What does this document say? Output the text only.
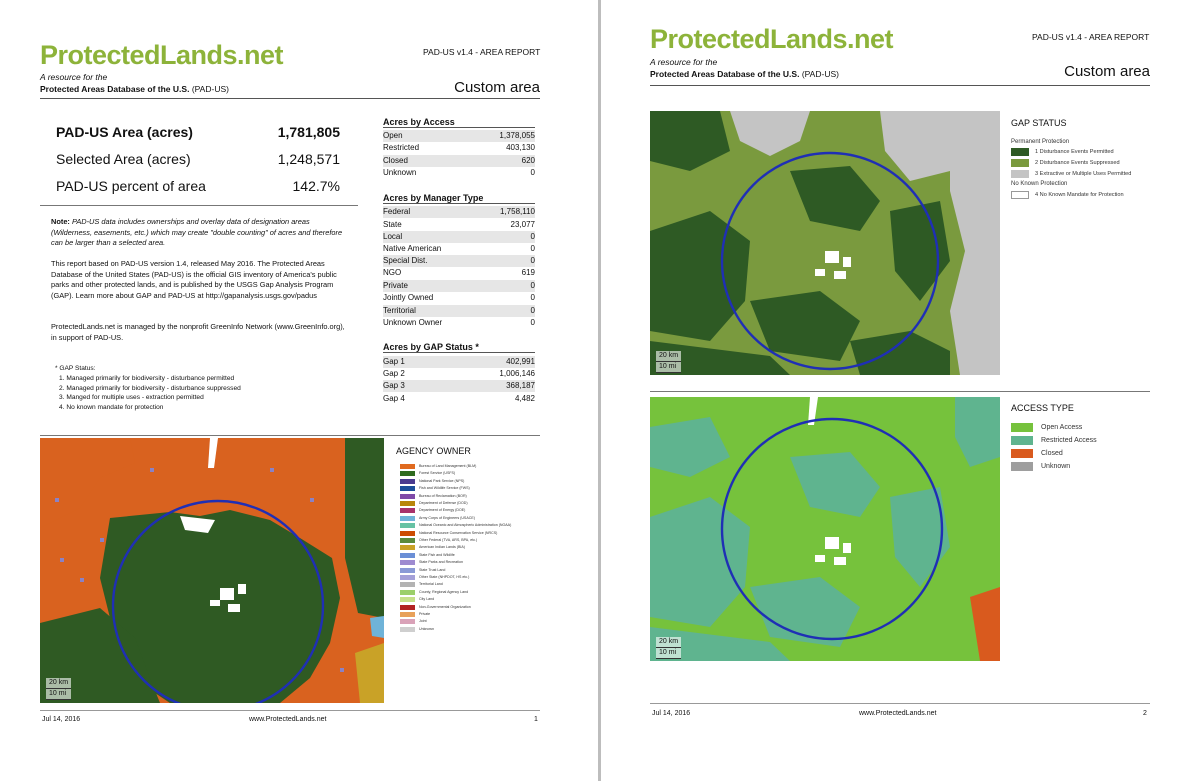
ProtectedLands.net	PAD-US v1.4 - AREA REPORT
A resource for the
Protected Areas Database of the U.S. (PAD-US)	Custom area
PAD-US Area (acres)	1,781,805
Selected Area (acres)	1,248,571
PAD-US percent of area	142.7%
Note: PAD-US data includes ownerships and overlay data of designation areas (Wilderness, easements, etc.) which may create "double counting" of acres and therefore can be larger than a selected area.
This report based on PAD-US version 1.4, released May 2016. The Protected Areas Database of the United States (PAD-US) is the official GIS inventory of America's public parks and other protected lands, and is published by the USGS Gap Analysis Program (GAP). Learn more about GAP and PAD-US at http://gapanalysis.usgs.gov/padus
ProtectedLands.net is managed by the nonprofit GreenInfo Network (www.GreenInfo.org), in support of PAD-US.
* GAP Status:
1. Managed primarily for biodiversity - disturbance permitted
2. Managed primarily for biodiversity - disturbance suppressed
3. Manged for multiple uses - extraction permitted
4. No known mandate for protection
Acres by Access
Open	1,378,055
Restricted	403,130
Closed	620
Unknown	0
Acres by Manager Type
Federal	1,758,110
State	23,077
Local	0
Native American	0
Special Dist.	0
NGO	619
Private	0
Jointly Owned	0
Territorial	0
Unknown Owner	0
Acres by GAP Status *
Gap 1	402,991
Gap 2	1,006,146
Gap 3	368,187
Gap 4	4,482
20 km
10 mi
AGENCY OWNER
Bureau of Land Management (BLM)
Forest Service (USFS)
National Park Service (NPS)
Fish and Wildlife Service (FWS)
Bureau of Reclamation (BOR)
Department of Defense (DOD)
Department of Energy (DOE)
Army Corps of Engineers (USACE)
National Oceanic and Atmospheric Administration (NOAA)
National Resource Conservation Service (NRCS)
Other Federal (TVA, ARS, BPA, etc.)
American Indian Lands (BIA)
State Fish and Wildlife
State Parks and Recreation
State Trust Land
Other State (NHPDOT, HS etc.)
Territorial Land
County, Regional Agency Land
City Land
Non-Governmental Organization
Private
Joint
Unknown
Jul 14, 2016	www.ProtectedLands.net	1
ProtectedLands.net	PAD-US v1.4 - AREA REPORT
A resource for the
Protected Areas Database of the U.S. (PAD-US)	Custom area
20 km
10 mi
GAP STATUS
Permanent Protection
1 Disturbance Events Permitted
2 Disturbance Events Suppressed
3 Extractive or Multiple Uses Permitted
No Known Protection
4 No Known Mandate for Protection
20 km
10 mi
ACCESS TYPE
Open Access
Restricted Access
Closed
Unknown
Jul 14, 2016	www.ProtectedLands.net	2
